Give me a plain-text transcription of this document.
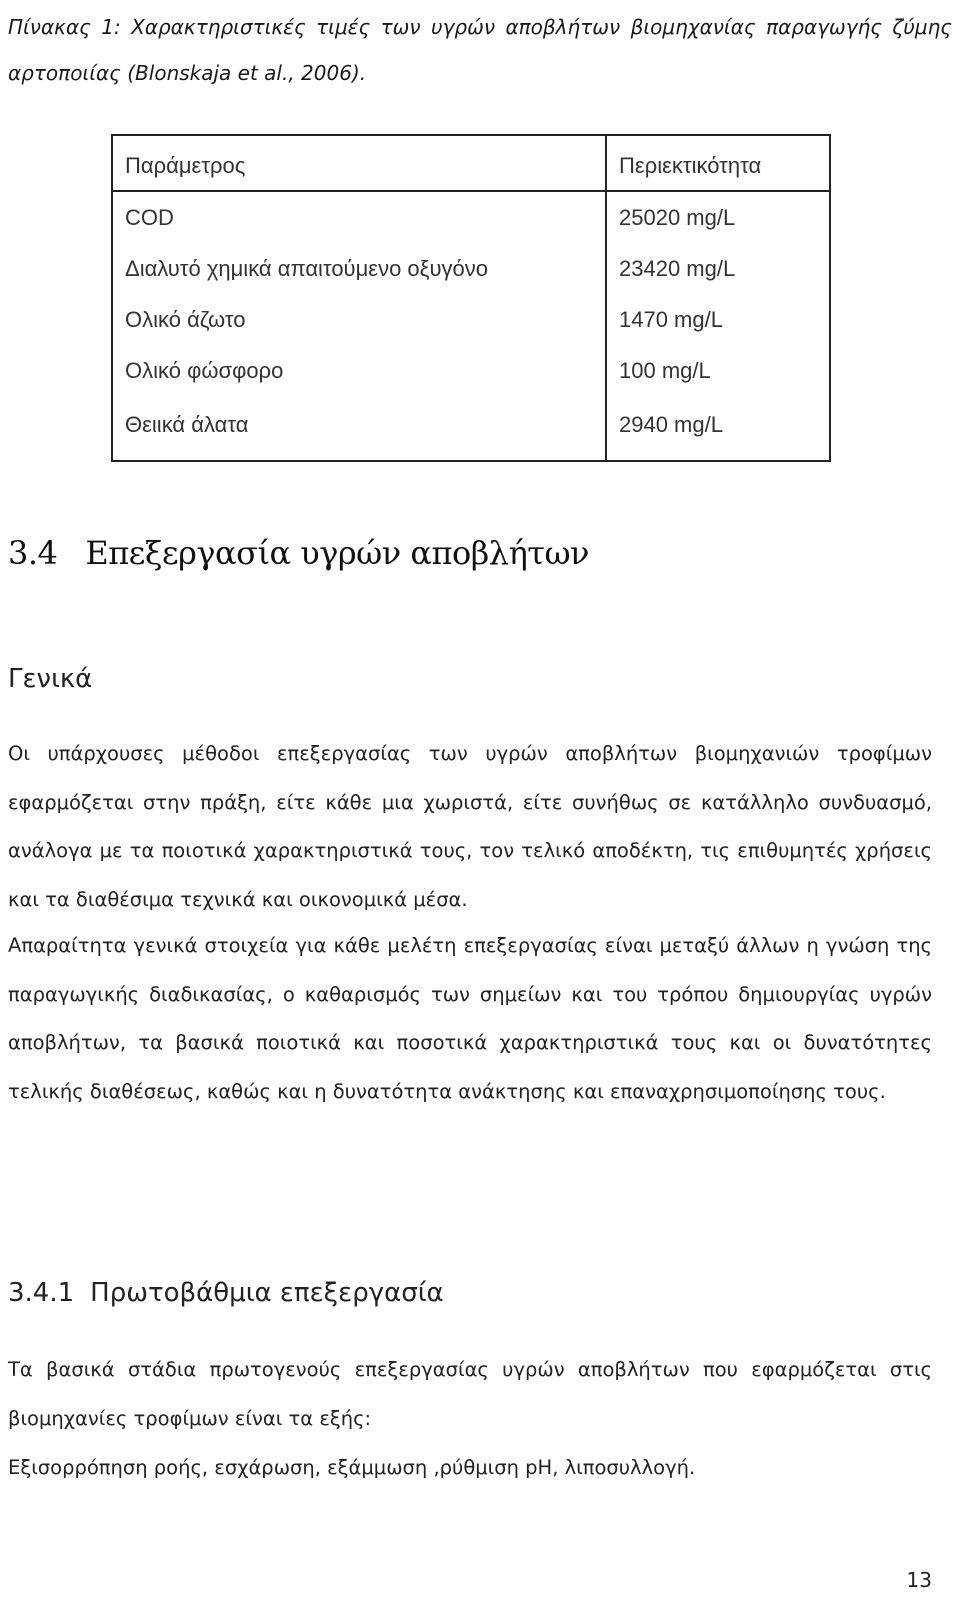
Πίνακας 1: Χαρακτηριστικές τιμές των υγρών αποβλήτων βιομηχανίας παραγωγής ζύμης
αρτοποιίας (Blonskaja et al., 2006).
Παράμετρος	Περιεκτικότητα
COD	25020 mg/L
Διαλυτό χημικά απαιτούμενο οξυγόνο	23420 mg/L
Ολικό άζωτο	1470 mg/L
Ολικό φώσφορο	100 mg/L
Θειικά άλατα	2940 mg/L
3.4 Επεξεργασία υγρών αποβλήτων
Γενικά

Οι υπάρχουσες μέθοδοι επεξεργασίας των υγρών αποβλήτων βιομηχανιών τροφίμων εφαρμόζεται στην πράξη, είτε κάθε μια χωριστά, είτε συνήθως σε κατάλληλο συνδυασμό, ανάλογα με τα ποιοτικά χαρακτηριστικά τους, τον τελικό αποδέκτη, τις επιθυμητές χρήσεις και τα διαθέσιμα τεχνικά και οικονομικά μέσα.

Απαραίτητα γενικά στοιχεία για κάθε μελέτη επεξεργασίας είναι μεταξύ άλλων η γνώση της παραγωγικής διαδικασίας, ο καθαρισμός των σημείων και του τρόπου δημιουργίας υγρών αποβλήτων, τα βασικά ποιοτικά και ποσοτικά χαρακτηριστικά τους και οι δυνατότητες τελικής διαθέσεως, καθώς και η δυνατότητα ανάκτησης και επαναχρησιμοποίησης τους.

3.4.1 Πρωτοβάθμια επεξεργασία

Τα βασικά στάδια πρωτογενούς επεξεργασίας υγρών αποβλήτων που εφαρμόζεται στις βιομηχανίες τροφίμων είναι τα εξής:

Εξισορρόπηση ροής, εσχάρωση, εξάμμωση ,ρύθμιση pH, λιποσυλλογή.

13
